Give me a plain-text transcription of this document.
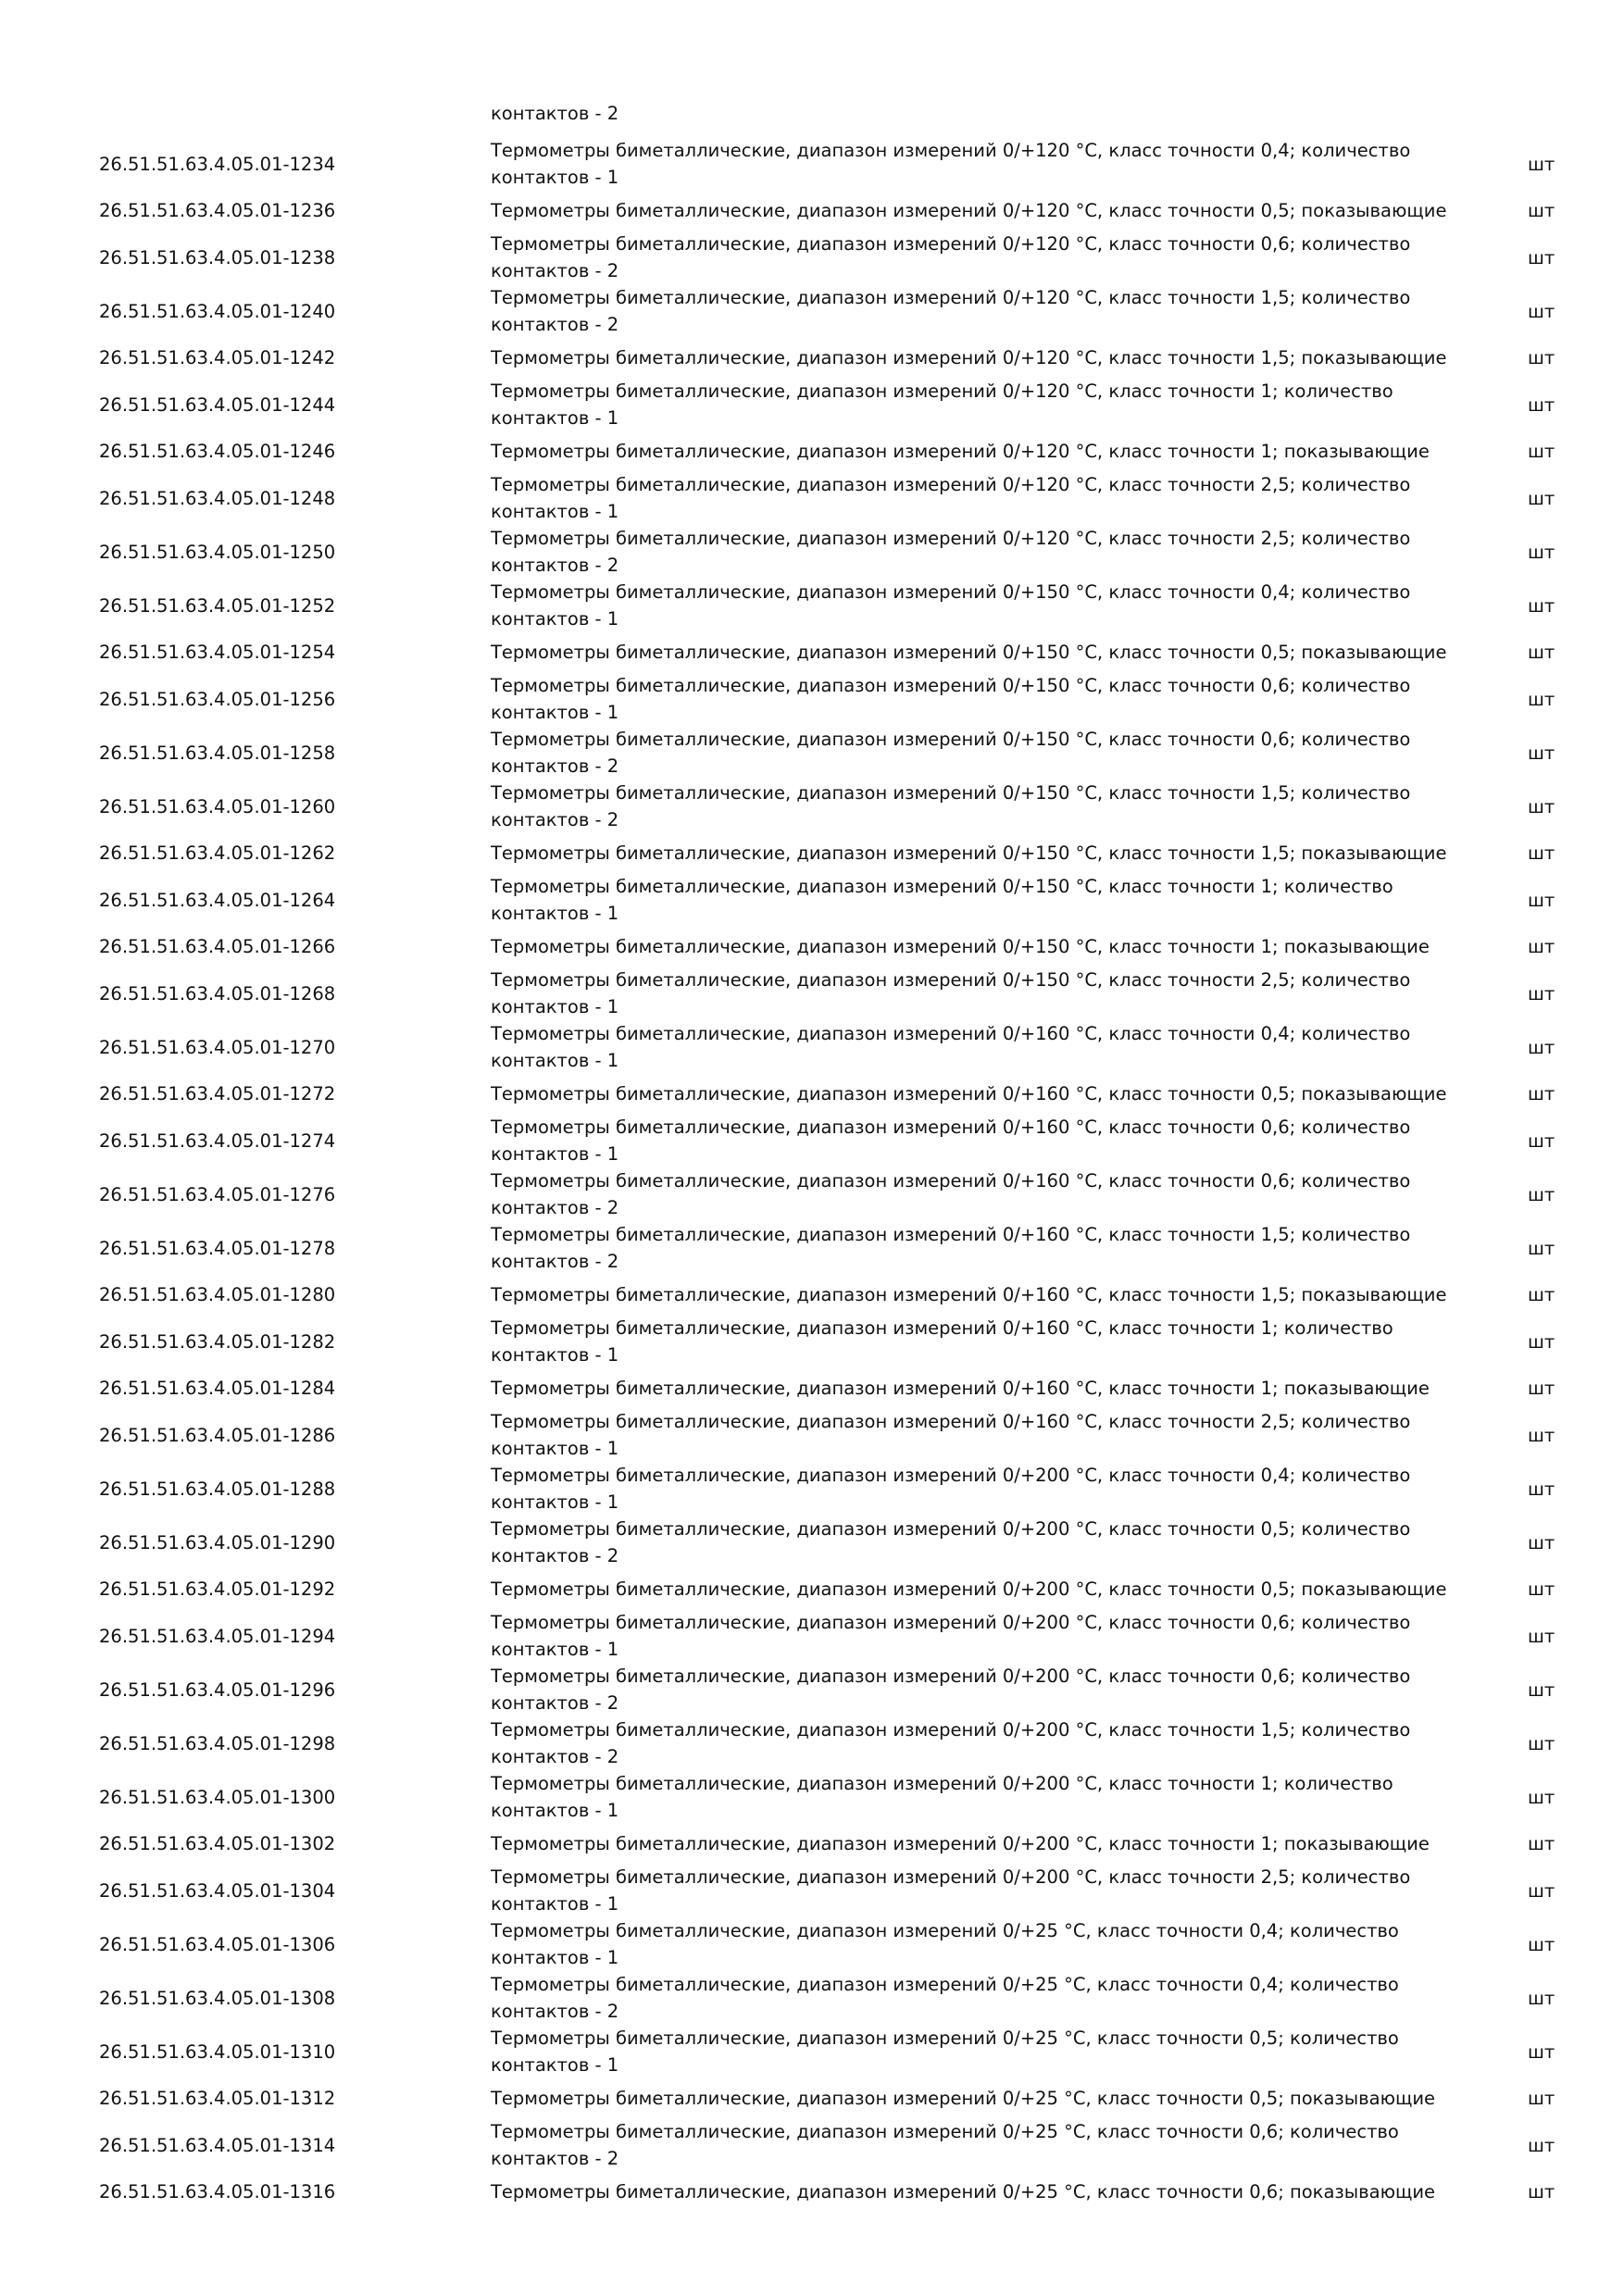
контактов - 2
26.51.51.63.4.05.01-1234	Термометры биметаллические, диапазон измерений 0/+120 °С, класс точности 0,4; количество
контактов - 1	шт
26.51.51.63.4.05.01-1236	Термометры биметаллические, диапазон измерений 0/+120 °С, класс точности 0,5; показывающие	шт
26.51.51.63.4.05.01-1238	Термометры биметаллические, диапазон измерений 0/+120 °С, класс точности 0,6; количество
контактов - 2	шт
26.51.51.63.4.05.01-1240	Термометры биметаллические, диапазон измерений 0/+120 °С, класс точности 1,5; количество
контактов - 2	шт
26.51.51.63.4.05.01-1242	Термометры биметаллические, диапазон измерений 0/+120 °С, класс точности 1,5; показывающие	шт
26.51.51.63.4.05.01-1244	Термометры биметаллические, диапазон измерений 0/+120 °С, класс точности 1; количество
контактов - 1	шт
26.51.51.63.4.05.01-1246	Термометры биметаллические, диапазон измерений 0/+120 °С, класс точности 1; показывающие	шт
26.51.51.63.4.05.01-1248	Термометры биметаллические, диапазон измерений 0/+120 °С, класс точности 2,5; количество
контактов - 1	шт
26.51.51.63.4.05.01-1250	Термометры биметаллические, диапазон измерений 0/+120 °С, класс точности 2,5; количество
контактов - 2	шт
26.51.51.63.4.05.01-1252	Термометры биметаллические, диапазон измерений 0/+150 °С, класс точности 0,4; количество
контактов - 1	шт
26.51.51.63.4.05.01-1254	Термометры биметаллические, диапазон измерений 0/+150 °С, класс точности 0,5; показывающие	шт
26.51.51.63.4.05.01-1256	Термометры биметаллические, диапазон измерений 0/+150 °С, класс точности 0,6; количество
контактов - 1	шт
26.51.51.63.4.05.01-1258	Термометры биметаллические, диапазон измерений 0/+150 °С, класс точности 0,6; количество
контактов - 2	шт
26.51.51.63.4.05.01-1260	Термометры биметаллические, диапазон измерений 0/+150 °С, класс точности 1,5; количество
контактов - 2	шт
26.51.51.63.4.05.01-1262	Термометры биметаллические, диапазон измерений 0/+150 °С, класс точности 1,5; показывающие	шт
26.51.51.63.4.05.01-1264	Термометры биметаллические, диапазон измерений 0/+150 °С, класс точности 1; количество
контактов - 1	шт
26.51.51.63.4.05.01-1266	Термометры биметаллические, диапазон измерений 0/+150 °С, класс точности 1; показывающие	шт
26.51.51.63.4.05.01-1268	Термометры биметаллические, диапазон измерений 0/+150 °С, класс точности 2,5; количество
контактов - 1	шт
26.51.51.63.4.05.01-1270	Термометры биметаллические, диапазон измерений 0/+160 °С, класс точности 0,4; количество
контактов - 1	шт
26.51.51.63.4.05.01-1272	Термометры биметаллические, диапазон измерений 0/+160 °С, класс точности 0,5; показывающие	шт
26.51.51.63.4.05.01-1274	Термометры биметаллические, диапазон измерений 0/+160 °С, класс точности 0,6; количество
контактов - 1	шт
26.51.51.63.4.05.01-1276	Термометры биметаллические, диапазон измерений 0/+160 °С, класс точности 0,6; количество
контактов - 2	шт
26.51.51.63.4.05.01-1278	Термометры биметаллические, диапазон измерений 0/+160 °С, класс точности 1,5; количество
контактов - 2	шт
26.51.51.63.4.05.01-1280	Термометры биметаллические, диапазон измерений 0/+160 °С, класс точности 1,5; показывающие	шт
26.51.51.63.4.05.01-1282	Термометры биметаллические, диапазон измерений 0/+160 °С, класс точности 1; количество
контактов - 1	шт
26.51.51.63.4.05.01-1284	Термометры биметаллические, диапазон измерений 0/+160 °С, класс точности 1; показывающие	шт
26.51.51.63.4.05.01-1286	Термометры биметаллические, диапазон измерений 0/+160 °С, класс точности 2,5; количество
контактов - 1	шт
26.51.51.63.4.05.01-1288	Термометры биметаллические, диапазон измерений 0/+200 °С, класс точности 0,4; количество
контактов - 1	шт
26.51.51.63.4.05.01-1290	Термометры биметаллические, диапазон измерений 0/+200 °С, класс точности 0,5; количество
контактов - 2	шт
26.51.51.63.4.05.01-1292	Термометры биметаллические, диапазон измерений 0/+200 °С, класс точности 0,5; показывающие	шт
26.51.51.63.4.05.01-1294	Термометры биметаллические, диапазон измерений 0/+200 °С, класс точности 0,6; количество
контактов - 1	шт
26.51.51.63.4.05.01-1296	Термометры биметаллические, диапазон измерений 0/+200 °С, класс точности 0,6; количество
контактов - 2	шт
26.51.51.63.4.05.01-1298	Термометры биметаллические, диапазон измерений 0/+200 °С, класс точности 1,5; количество
контактов - 2	шт
26.51.51.63.4.05.01-1300	Термометры биметаллические, диапазон измерений 0/+200 °С, класс точности 1; количество
контактов - 1	шт
26.51.51.63.4.05.01-1302	Термометры биметаллические, диапазон измерений 0/+200 °С, класс точности 1; показывающие	шт
26.51.51.63.4.05.01-1304	Термометры биметаллические, диапазон измерений 0/+200 °С, класс точности 2,5; количество
контактов - 1	шт
26.51.51.63.4.05.01-1306	Термометры биметаллические, диапазон измерений 0/+25 °С, класс точности 0,4; количество
контактов - 1	шт
26.51.51.63.4.05.01-1308	Термометры биметаллические, диапазон измерений 0/+25 °С, класс точности 0,4; количество
контактов - 2	шт
26.51.51.63.4.05.01-1310	Термометры биметаллические, диапазон измерений 0/+25 °С, класс точности 0,5; количество
контактов - 1	шт
26.51.51.63.4.05.01-1312	Термометры биметаллические, диапазон измерений 0/+25 °С, класс точности 0,5; показывающие	шт
26.51.51.63.4.05.01-1314	Термометры биметаллические, диапазон измерений 0/+25 °С, класс точности 0,6; количество
контактов - 2	шт
26.51.51.63.4.05.01-1316	Термометры биметаллические, диапазон измерений 0/+25 °С, класс точности 0,6; показывающие	шт
